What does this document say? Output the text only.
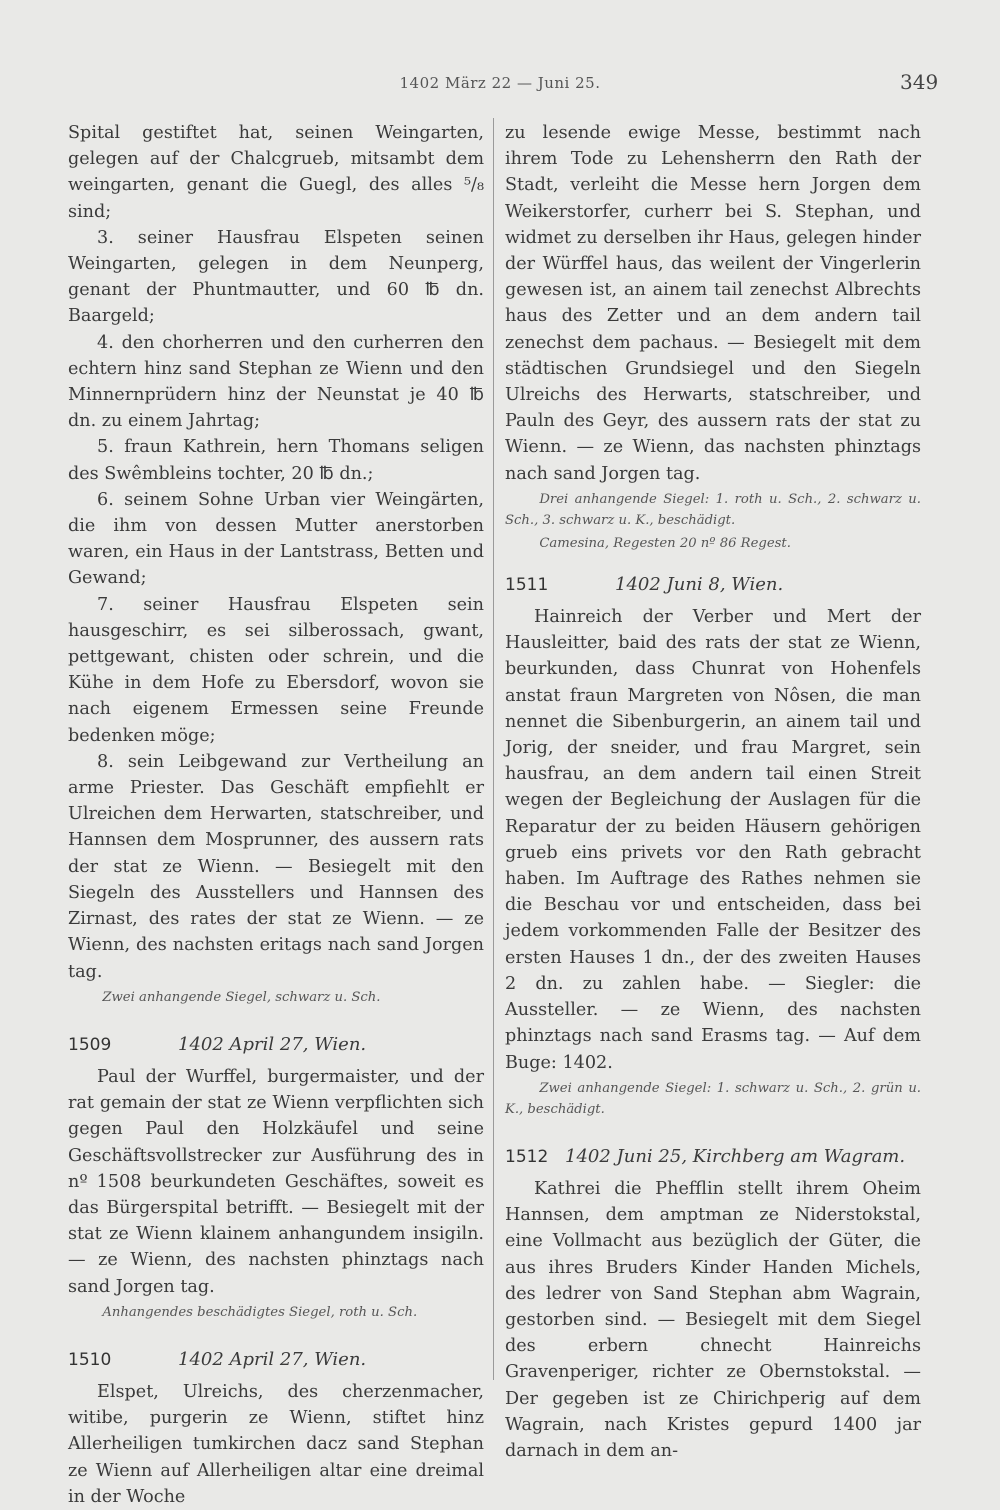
1402 März 22 — Juni 25.	349

Spital gestiftet hat, seinen Weingarten, gelegen auf der Chalcgrueb, mitsambt dem weingarten, genant die Guegl, des alles ⁵/₈ sind;

3. seiner Hausfrau Elspeten seinen Weingarten, gelegen in dem Neunperg, genant der Phuntmautter, und 60 ℔ dn. Baargeld;

4. den chorherren und den curherren den echtern hinz sand Stephan ze Wienn und den Minnernprüdern hinz der Neunstat je 40 ℔ dn. zu einem Jahrtag;

5. fraun Kathrein, hern Thomans seligen des Swêmbleins tochter, 20 ℔ dn.;

6. seinem Sohne Urban vier Weingärten, die ihm von dessen Mutter anerstorben waren, ein Haus in der Lantstrass, Betten und Gewand;

7. seiner Hausfrau Elspeten sein hausgeschirr, es sei silberossach, gwant, pettgewant, chisten oder schrein, und die Kühe in dem Hofe zu Ebersdorf, wovon sie nach eigenem Ermessen seine Freunde bedenken möge;

8. sein Leibgewand zur Vertheilung an arme Priester. Das Geschäft empfiehlt er Ulreichen dem Herwarten, statschreiber, und Hannsen dem Mosprunner, des aussern rats der stat ze Wienn. — Besiegelt mit den Siegeln des Ausstellers und Hannsen des Zirnast, des rates der stat ze Wienn. — ze Wienn, des nachsten eritags nach sand Jorgen tag.

Zwei anhangende Siegel, schwarz u. Sch.

1509	1402 April 27, Wien.

Paul der Wurffel, burgermaister, und der rat gemain der stat ze Wienn verpflichten sich gegen Paul den Holzkäufel und seine Geschäftsvollstrecker zur Ausführung des in nº 1508 beurkundeten Geschäftes, soweit es das Bürgerspital betrifft. — Besiegelt mit der stat ze Wienn klainem anhangundem insigiln. — ze Wienn, des nachsten phinztags nach sand Jorgen tag.

Anhangendes beschädigtes Siegel, roth u. Sch.

1510	1402 April 27, Wien.

Elspet, Ulreichs, des cherzenmacher, witibe, purgerin ze Wienn, stiftet hinz Allerheiligen tumkirchen dacz sand Stephan ze Wienn auf Allerheiligen altar eine dreimal in der Woche

zu lesende ewige Messe, bestimmt nach ihrem Tode zu Lehensherrn den Rath der Stadt, verleiht die Messe hern Jorgen dem Weikerstorfer, curherr bei S. Stephan, und widmet zu derselben ihr Haus, gelegen hinder der Würffel haus, das weilent der Vingerlerin gewesen ist, an ainem tail zenechst Albrechts haus des Zetter und an dem andern tail zenechst dem pachaus. — Besiegelt mit dem städtischen Grundsiegel und den Siegeln Ulreichs des Herwarts, statschreiber, und Pauln des Geyr, des aussern rats der stat zu Wienn. — ze Wienn, das nachsten phinztags nach sand Jorgen tag.

Drei anhangende Siegel: 1. roth u. Sch., 2. schwarz u. Sch., 3. schwarz u. K., beschädigt.

Camesina, Regesten 20 nº 86 Regest.

1511	1402 Juni 8, Wien.

Hainreich der Verber und Mert der Hausleitter, baid des rats der stat ze Wienn, beurkunden, dass Chunrat von Hohenfels anstat fraun Margreten von Nôsen, die man nennet die Sibenburgerin, an ainem tail und Jorig, der sneider, und frau Margret, sein hausfrau, an dem andern tail einen Streit wegen der Begleichung der Auslagen für die Reparatur der zu beiden Häusern gehörigen grueb eins privets vor den Rath gebracht haben. Im Auftrage des Rathes nehmen sie die Beschau vor und entscheiden, dass bei jedem vorkommenden Falle der Besitzer des ersten Hauses 1 dn., der des zweiten Hauses 2 dn. zu zahlen habe. — Siegler: die Aussteller. — ze Wienn, des nachsten phinztags nach sand Erasms tag. — Auf dem Buge: 1402.

Zwei anhangende Siegel: 1. schwarz u. Sch., 2. grün u. K., beschädigt.

1512 1402 Juni 25, Kirchberg am Wagram.

Kathrei die Phefflin stellt ihrem Oheim Hannsen, dem amptman ze Niderstokstal, eine Vollmacht aus bezüglich der Güter, die aus ihres Bruders Kinder Handen Michels, des ledrer von Sand Stephan abm Wagrain, gestorben sind. — Besiegelt mit dem Siegel des erbern chnecht Hainreichs Gravenperiger, richter ze Obernstokstal. — Der gegeben ist ze Chirichperig auf dem Wagrain, nach Kristes gepurd 1400 jar darnach in dem an-
